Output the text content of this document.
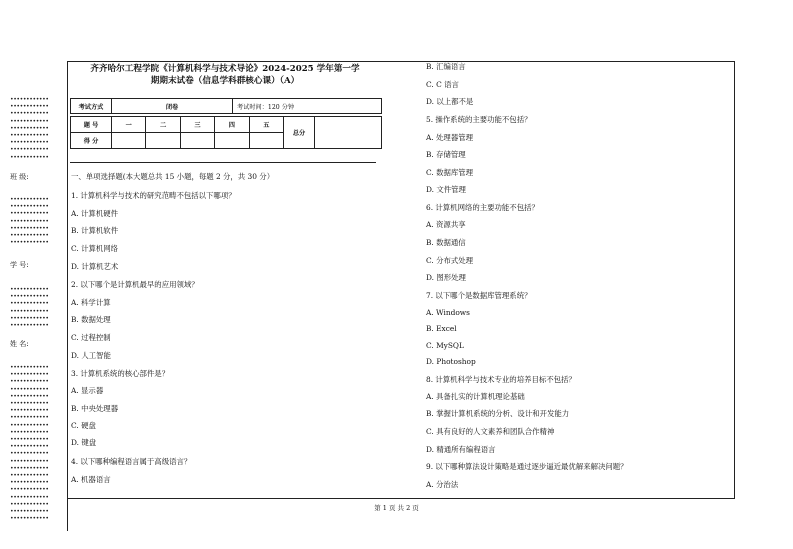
••••••••••••
••••••••••••
••••••••••••
••••••••••••
••••••••••••
••••••••••••
••••••••••••
••••••••••••
••••••••••••
班 级:
••••••••••••
••••••••••••
••••••••••••
••••••••••••
••••••••••••
••••••••••••
••••••••••••
学 号:
••••••••••••
••••••••••••
••••••••••••
••••••••••••
••••••••••••
••••••••••••
姓 名:
••••••••••••
••••••••••••
••••••••••••
••••••••••••
••••••••••••
••••••••••••
••••••••••••
••••••••••••
••••••••••••
••••••••••••
••••••••••••
••••••••••••
••••••••••••
••••••••••••
••••••••••••
••••••••••••
••••••••••••
••••••••••••
••••••••••••
••••••••••••
••••••••••••
••••••••••••
齐齐哈尔工程学院《计算机科学与技术导论》2024-2025 学年第一学
期期末试卷（信息学科群核心课）（A）
考试方式	闭卷	考试时间：120 分钟
题 号	一	二	三	四	五	总分	
得 分							
一、单项选择题(本大题总共 15 小题，每题 2 分，共 30 分）
1. 计算机科学与技术的研究范畴不包括以下哪项？
A. 计算机硬件
B. 计算机软件
C. 计算机网络
D. 计算机艺术
2. 以下哪个是计算机最早的应用领域？
A. 科学计算
B. 数据处理
C. 过程控制
D. 人工智能
3. 计算机系统的核心部件是？
A. 显示器
B. 中央处理器
C. 硬盘
D. 键盘
4. 以下哪种编程语言属于高级语言？
A. 机器语言
B. 汇编语言
C. C 语言
D. 以上都不是
5. 操作系统的主要功能不包括？
A. 处理器管理
B. 存储管理
C. 数据库管理
D. 文件管理
6. 计算机网络的主要功能不包括？
A. 资源共享
B. 数据通信
C. 分布式处理
D. 图形处理
7. 以下哪个是数据库管理系统？
A. Windows
B. Excel
C. MySQL
D. Photoshop
8. 计算机科学与技术专业的培养目标不包括？
A. 具备扎实的计算机理论基础
B. 掌握计算机系统的分析、设计和开发能力
C. 具有良好的人文素养和团队合作精神
D. 精通所有编程语言
9. 以下哪种算法设计策略是通过逐步逼近最优解来解决问题？
A. 分治法
第 1 页 共 2 页
